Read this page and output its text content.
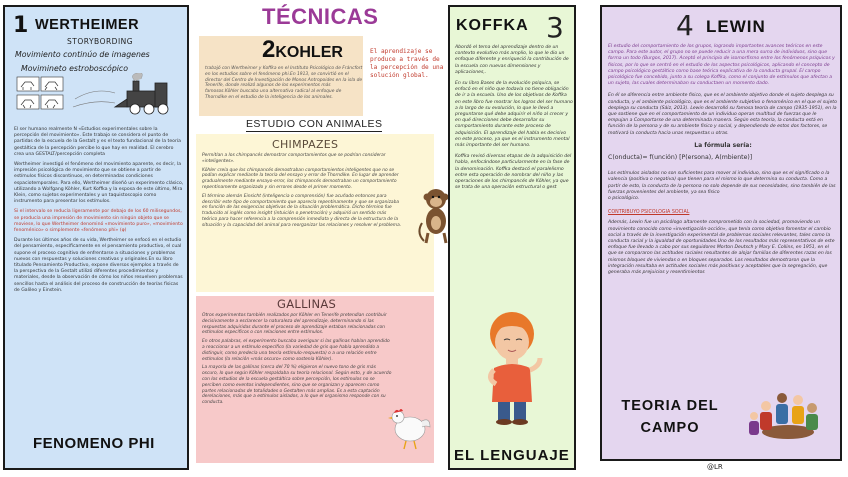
1 WERTHEIMER
STORYBORDING
Movimiento continúo de imagenes
Movimineto estroboscópico

El ser humano realmente N «Estudios experimentales sobre la percepción del movimiento». Este trabajo se considera el punto de partidas de la escuela de la Gestalt y es el texto fundacional de la teoría gestáltica de la percepción percibe lo que hay en realidad. El cerebro crea una GESTALT/percepción completa

Wertheimer investigó el fenómeno del movimiento aparente, es decir, la impresión psicológica de movimiento que se obtiene a partir de estímulos físicos discontinuos, en determinadas condiciones espaciotemporales. Para ello, Wertheimer diseñó un experimento clásico, utilizando a Wolfgang Köhler, Kurt Koffka y la esposa de este último, Mira Klein, como sujetos experimentales y un taquistoscopio como instrumento para presentar los estímulos.

Si el intervalo se reducía ligeramente por debajo de los 60 milisegundos, se producía una impresión de movimiento sin ningún objeto que se moviese, lo que Wertheimer denominó «movimiento puro», «movimiento fenoménico» o simplemente «fenómeno phi» (φ)

Durante los últimos años de su vida, Wertheimer se enfocó en el estudio del pensamiento, específicamente en el pensamiento productivo, el cual supone el proceso cognitivo de enfrentarse a situaciones y problemas nuevos con respuestas y soluciones creativas y originales.En su libro titulado Pensamiento Productivo, expone diversos ejemplos a través de la perspectiva de la Gestalt utilizó diferentes procedimientos y materiales, desde la observación de cómo los niños resuelven problemas sencillos hasta el análisis del proceso de construcción de teorías físicas de Galileo y Einstein.

FENOMENO PHI
TÉCNICAS
trabajó con Wertheimer y Koffka en el Instituto Psicológico de Fráncfort en los estudios sobre el fenómeno phi.En 1913, se convirtió en el director del Centro de Investigación de Monos Antropoides en la isla de Tenerife, donde realizó algunos de los experimentos más famosos.Köhler buscaba una alternativa radical al enfoque de Thorndike en el estudio de la inteligencia de los animales.
2KOHLER	El aprendizaje se produce a través de la percepción de una solución global.
ESTUDIO CON ANIMALES

Permitían a los chimpancés demostrar comportamientos que se podrían considerar «inteligentes».

Köhler creía que los chimpancés demostraban comportamientos inteligentes que no se podían explicar mediante la teoría del ensayo y error de Thorndike. En lugar de aprender gradualmente mediante ensayo-error, los chimpancés demostraban un comportamiento repentinamente organizado y sin errores desde el primer momento.

El término alemán Einsicht (inteligencia o comprensión) fue acuñado entonces para describir este tipo de comportamiento que aparecía repentinamente y que se organizaba en función de las exigencias objetivas de la situación problemática. Dicho término fue traducido al inglés como insight (intuición o penetración) y adquirió un sentido más teórico para hacer referencia a la comprensión inmediata y directa de la estructura de la situación y la capacidad del animal para reorganizar las relaciones y resolver el problema.

CHIMPAZES

Otros experimentos también realizados por Köhler en Tenerife pretendían contribuir decisivamente a esclarecer la naturaleza del aprendizaje, determinando si las respuestas adquiridas durante el proceso de aprendizaje estaban relacionadas con estímulos específicos o con relaciones entre estímulos.

En otros palabras, el experimento buscaba averiguar si las gallinas habían aprendido a reaccionar a un estímulo específico (la variedad de gris que había aprendido a distinguir, como predecía una teoría estímulo-respuesta) o a una relación entre estímulos (la relación «más oscuro» como sostenía Köhler).

La mayoría de las gallinas (cerca del 70 %) eligieron el nuevo tono de gris más oscuro, lo que según Köhler respaldaba su teoría relacional. Según esto, y de acuerdo con los estudios de la escuela gestáltica sobre percepción, los estímulos no se perciben como eventos independientes, sino que se organizan y aparecen como partes relacionadas de totalidades o Gestalten más amplias. Es a esta captación derelaciones, más que a estímulos aislados, a lo que el organismo responde con su conducta.

GALLINAS
KOFFKA 3

Abordó el tema del aprendizaje dentro de un contexto evolutivo más amplio, lo que le dio un enfoque diferente y enriqueció la contribución de la escuela con nuevas dimensiones y aplicaciones,.

En su libro Bases de la evolución psíquica, se enfocó en el niño que todavía no tiene obligación de ir a la escuela. Uno de los objetivos de Koffka en este libro fue mostrar los logros del ser humano a lo largo de su evolución, lo que le llevó a preguntarse qué debe adquirir el niño al crecer y en qué direcciones debe desarrollar su comportamiento durante este proceso de adquisición. El aprendizaje del habla es decisivo en este proceso, ya que es el instrumento mental más importante del ser humano.

Koffka revisó diversas etapas de la adquisición del habla, enfocándose particularmente en la fase de la denominación. Koffka destacó el paralelismo entre esta operación de nombrar del niño y las operaciones de los chimpancés de Köhler, ya que se trata de una operación estructural o gest

EL LENGUAJE
4 LEWIN

El estudio del comportamiento de los grupos, lograndο importantes avances teóricos en este campo. Para este autor, el grupo no se puede reducir a una mera suma de individuos, sino que forma un todo (Burgos, 2017). Aceptó el principio de isomorfismo entre los fenómenos psíquicos y físicos, por lo que se centró en el estudio de los aspectos psicológicos, aplicando el concepto de campo psicológico gestáltico como base teórica explicativa de la conducta grupal. El campo psicológico fue concebido, junto a su colega Koffka, como el conjunto de estímulos que afectan a un sujeto, las cuales determinaban su conductaen un momento dado.

En él se diferencia entre ambiente físico, que es el ambiente objetivo donde el sujeto desplega su conducta, y el ambiente psicológico, que es el ambiente subjetivo o fenoménico en el que el sujeto desplega su conducta (Sáiz, 2013). Lewin desarrolló su famosa teoría de campo (1935-1951), en la que sostiene que en el comportamiento de un individuo operan multitud de fuerzas que le empujan a Comportarse de una determinada manera. Según esta teoría, la conducta está en función de la persona y de su ambiente físico y social, y dependiendo de estos dos factores, se motivará la conducta hacia unas respuestas u otras.

La fórmula sería:
C(onducta)= f(unción) [P(ersona), A(mbiente)]

Los estímulos aislados no son suficientes para mover al individuo, sino que es el significado o la valencia (positiva o negativa) que tienen para el mismo lo que determina su conducta. Como a partir de esto, la conducta de la persona no solo depende de sus necesidades, sino también de las fuerzas provenientes del ambiente, ya sea físico
o psicológico.

CONTRIBUYO PSICOLOGIA SOCIAL

Además, Lewin fue un psicólogo altamente comprometido con la sociedad, promoviendo un movimiento conocido como «investigación-acción», que tenía como objetivo fomentar el cambio social a través de la investigación experimental de problemas sociales relevantes, tales como la conducta racial y la igualdad de oportunidades.Uno de los resultados más representativos de este enfoque fue llevado a cabo por sus seguidores Morton Deutsch y Mary E. Collins, en 1951, en el que se compararon las actitudes raciales resultantes de alojar familias de diferentes razas en los mismos bloques de viviendas o en bloques separados. Los resultados demostraron que la integración resultaba en actitudes sociales más positivas y aceptables que la segregación, que generaba más prejuicios y resentimientos

TEORIA DEL CAMPO
@LR
